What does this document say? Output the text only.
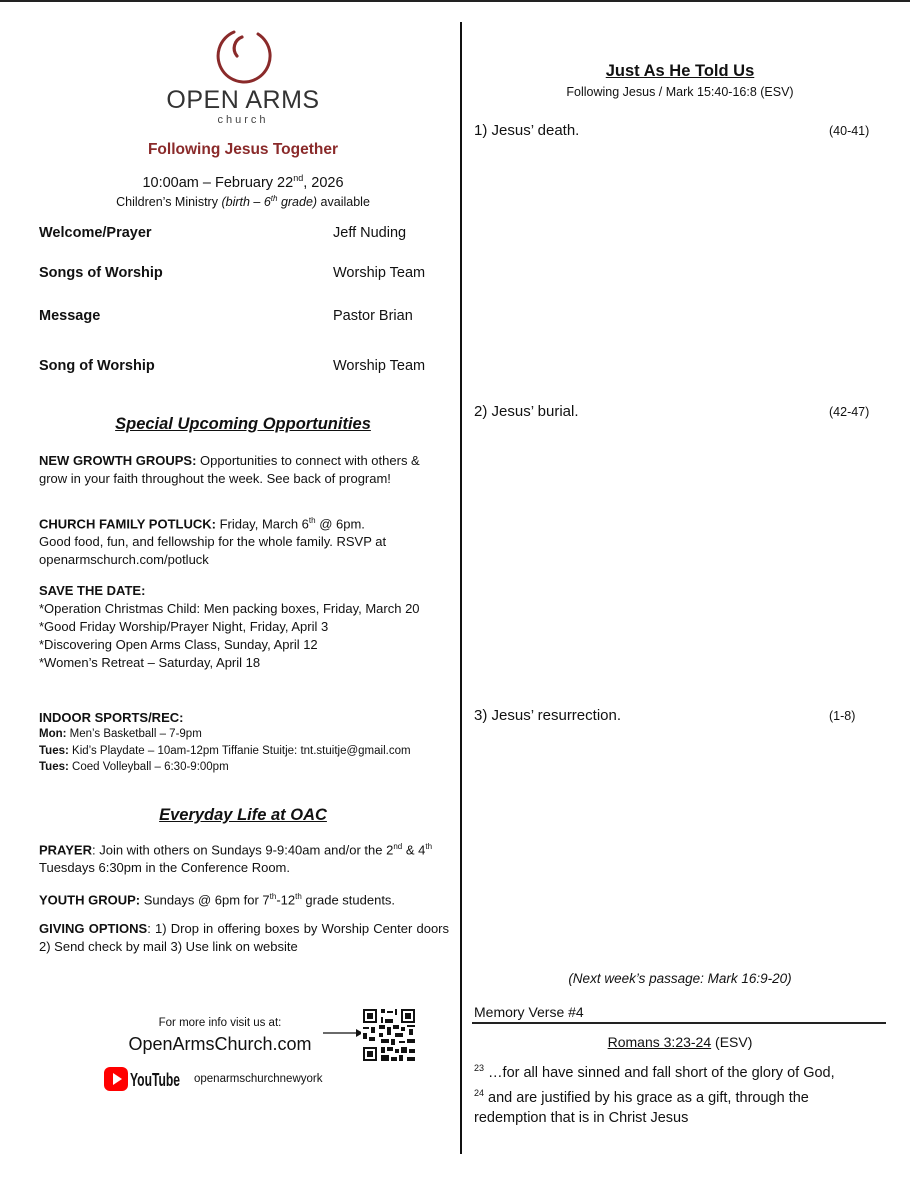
OPEN ARMS
church
Following Jesus Together
10:00am – February 22nd, 2026
Children’s Ministry (birth – 6th grade) available
Welcome/Prayer	Jeff Nuding
Songs of Worship	Worship Team
Message	Pastor Brian
Song of Worship	Worship Team
Special Upcoming Opportunities
NEW GROWTH GROUPS: Opportunities to connect with others & grow in your faith throughout the week. See back of program!
CHURCH FAMILY POTLUCK: Friday, March 6th @ 6pm.
Good food, fun, and fellowship for the whole family. RSVP at
openarmschurch.com/potluck
SAVE THE DATE:
*Operation Christmas Child: Men packing boxes, Friday, March 20
*Good Friday Worship/Prayer Night, Friday, April 3
*Discovering Open Arms Class, Sunday, April 12
*Women’s Retreat – Saturday, April 18
INDOOR SPORTS/REC:
Mon: Men’s Basketball – 7-9pm
Tues: Kid’s Playdate – 10am-12pm Tiffanie Stuitje: tnt.stuitje@gmail.com
Tues: Coed Volleyball – 6:30-9:00pm
Everyday Life at OAC
PRAYER: Join with others on Sundays 9-9:40am and/or the 2nd & 4th Tuesdays 6:30pm in the Conference Room.
YOUTH GROUP: Sundays @ 6pm for 7th-12th grade students.
GIVING OPTIONS: 1) Drop in offering boxes by Worship Center doors 2) Send check by mail 3) Use link on website
For more info visit us at:
OpenArmsChurch.com
YouTube openarmschurchnewyork
Just As He Told Us
Following Jesus / Mark 15:40-16:8 (ESV)
1) Jesus’ death.	(40-41)
2) Jesus’ burial.	(42-47)
3) Jesus’ resurrection.	(1-8)
(Next week’s passage: Mark 16:9-20)
Memory Verse #4
Romans 3:23-24 (ESV)
$^{23}$ …for all have sinned and fall short of the glory of God,
$^{24}$ and are justified by his grace as a gift, through the redemption that is in Christ Jesus
